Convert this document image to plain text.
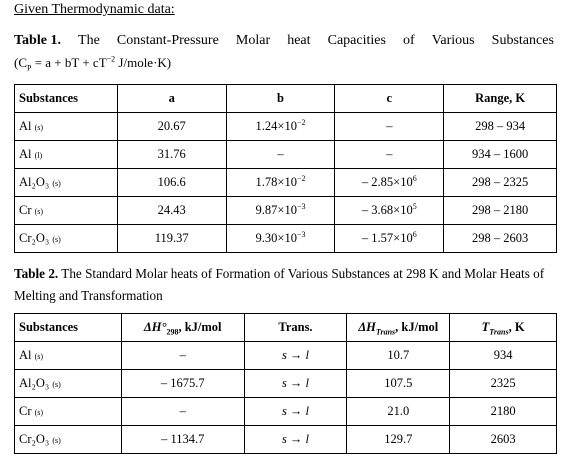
Given Thermodynamic data:
Table 1. The Constant-Pressure Molar heat Capacities of Various Substances
($C_P = a$ + bT + $cT^{-2}$ J/mole·K)
Substances	a	b	c	Range, K
Al (s)	20.67	$1.24\times 10^{-2}$	–	298 – 934
Al (l)	31.76	–	–	934 – 1600
Al₂O₃ (s)	106.6	$1.78\times 10^{-2}$	– $2.85\times 10^6$	298 – 2325
Cr (s)	24.43	$9.87\times 10^{-3}$	– $3.68\times 10^5$	298 – 2180
Cr₂O₃ (s)	119.37	$9.30\times 10^{-3}$	– $1.57\times 10^6$	298 – 2603
Table 2. The Standard Molar heats of Formation of Various Substances at 298 K and Molar Heats of Melting and Transformation
Substances	$\Delta H^\circ_{298}$, kJ/mol	Trans.	$\Delta H_{Trans}$, kJ/mol	$T_{Trans}$, K
Al (s)	–	s → l	10.7	934
Al₂O₃ (s)	– 1675.7	s → l	107.5	2325
Cr (s)	–	s → l	21.0	2180
Cr₂O₃ (s)	– 1134.7	s → l	129.7	2603
